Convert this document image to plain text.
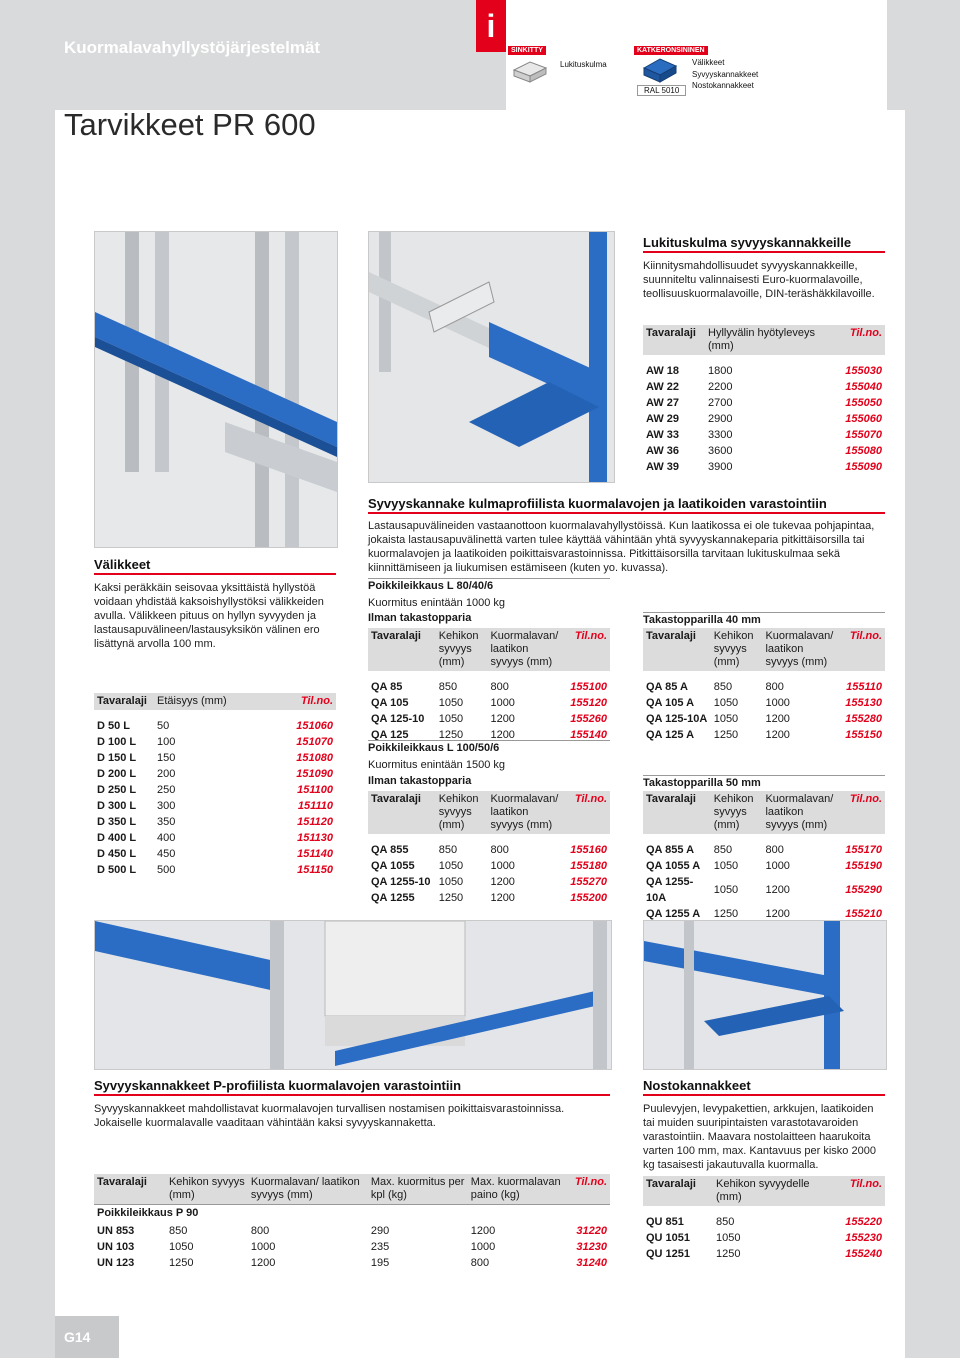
Kuormalavahyllystöjärjestelmät
Tarvikkeet PR 600
i
SINKITTY
Lukituskulma
KATKERONSININEN
RAL 5010
Välikkeet
Syvyyskannakkeet
Nostokannakkeet
Lukituskulma syvyyskannakkeille
Kiinnitysmahdollisuudet syvyyskannakkeille, suunniteltu valinnaisesti Euro-kuormalavoille, teollisuuskuormalavoille, DIN-teräshäkkilavoille.
Tavaralaji	Hyllyvälin hyötyleveys (mm)	Til.no.

AW 18	1800	155030
AW 22	2200	155040
AW 27	2700	155050
AW 29	2900	155060
AW 33	3300	155070
AW 36	3600	155080
AW 39	3900	155090
Välikkeet
Kaksi peräkkäin seisovaa yksittäistä hyllystöä voidaan yhdistää kaksoishyllystöksi välikkeiden avulla. Välikkeen pituus on hyllyn syvyyden ja lastausapuvälineen/lastausyksikön välinen ero lisättynä arvolla 100 mm.
Tavaralaji	Etäisyys (mm)	Til.no.

D 50 L	50	151060
D 100 L	100	151070
D 150 L	150	151080
D 200 L	200	151090
D 250 L	250	151100
D 300 L	300	151110
D 350 L	350	151120
D 400 L	400	151130
D 450 L	450	151140
D 500 L	500	151150
Syvyyskannake kulmaprofiilista kuormalavojen ja laatikoiden varastointiin
Lastausapuvälineiden vastaanottoon kuormalavahyllystöissä. Kun laatikossa ei ole tukevaa pohjapintaa, jokaista lastausapuvälinettä varten tulee käyttää vähintään yhtä syvyyskannakeparia pitkittäisorsilla tai kuormalavojen ja laatikoiden poikittaisvarastoinnissa. Pitkittäisorsilla tarvitaan lukituskulmaa sekä kiinnittämiseen ja liukumisen estämiseen (kuten yo. kuvassa).
Poikkileikkaus L 80/40/6
Kuormitus enintään 1000 kg
Ilman takastopparia	Takastopparilla 40 mm
Tavaralaji	Kehikon syvyys (mm)	Kuormalavan/ laatikon syvyys (mm)	Til.no.

QA 85	850	800	155100
QA 105	1050	1000	155120
QA 125-10	1050	1200	155260
QA 125	1250	1200	155140
Tavaralaji	Kehikon syvyys (mm)	Kuormalavan/ laatikon syvyys (mm)	Til.no.

QA 85 A	850	800	155110
QA 105 A	1050	1000	155130
QA 125-10A	1050	1200	155280
QA 125 A	1250	1200	155150
Poikkileikkaus L 100/50/6
Kuormitus enintään 1500 kg
Ilman takastopparia	Takastopparilla 50 mm
Tavaralaji	Kehikon syvyys (mm)	Kuormalavan/ laatikon syvyys (mm)	Til.no.

QA 855	850	800	155160
QA 1055	1050	1000	155180
QA 1255-10	1050	1200	155270
QA 1255	1250	1200	155200
Tavaralaji	Kehikon syvyys (mm)	Kuormalavan/ laatikon syvyys (mm)	Til.no.

QA 855 A	850	800	155170
QA 1055 A	1050	1000	155190
QA 1255-10A	1050	1200	155290
QA 1255 A	1250	1200	155210
Syvyyskannakkeet P-profiilista kuormalavojen varastointiin
Syvyyskannakkeet mahdollistavat kuormalavojen turvallisen nostamisen poikittaisvarastoinnissa. Jokaiselle kuormalavalle vaaditaan vähintään kaksi syvyyskannaketta.
Tavaralaji	Kehikon syvyys (mm)	Kuormalavan/ laatikon syvyys (mm)	Max. kuormitus per kpl (kg)	Max. kuormalavan paino (kg)	Til.no.
Poikkileikkaus P 90					

UN 853	850	800	290	1200	31220
UN 103	1050	1000	235	1000	31230
UN 123	1250	1200	195	800	31240
Nostokannakkeet
Puulevyjen, levypakettien, arkkujen, laatikoiden tai muiden suuripintaisten varastotavaroiden varastointiin. Maavara nostolaitteen haarukoita varten 100 mm, max. Kantavuus per kisko 2000 kg tasaisesti jakautuvalla kuormalla.
Tavaralaji	Kehikon syvyydelle (mm)	Til.no.

QU 851	850	155220
QU 1051	1050	155230
QU 1251	1250	155240
G14
